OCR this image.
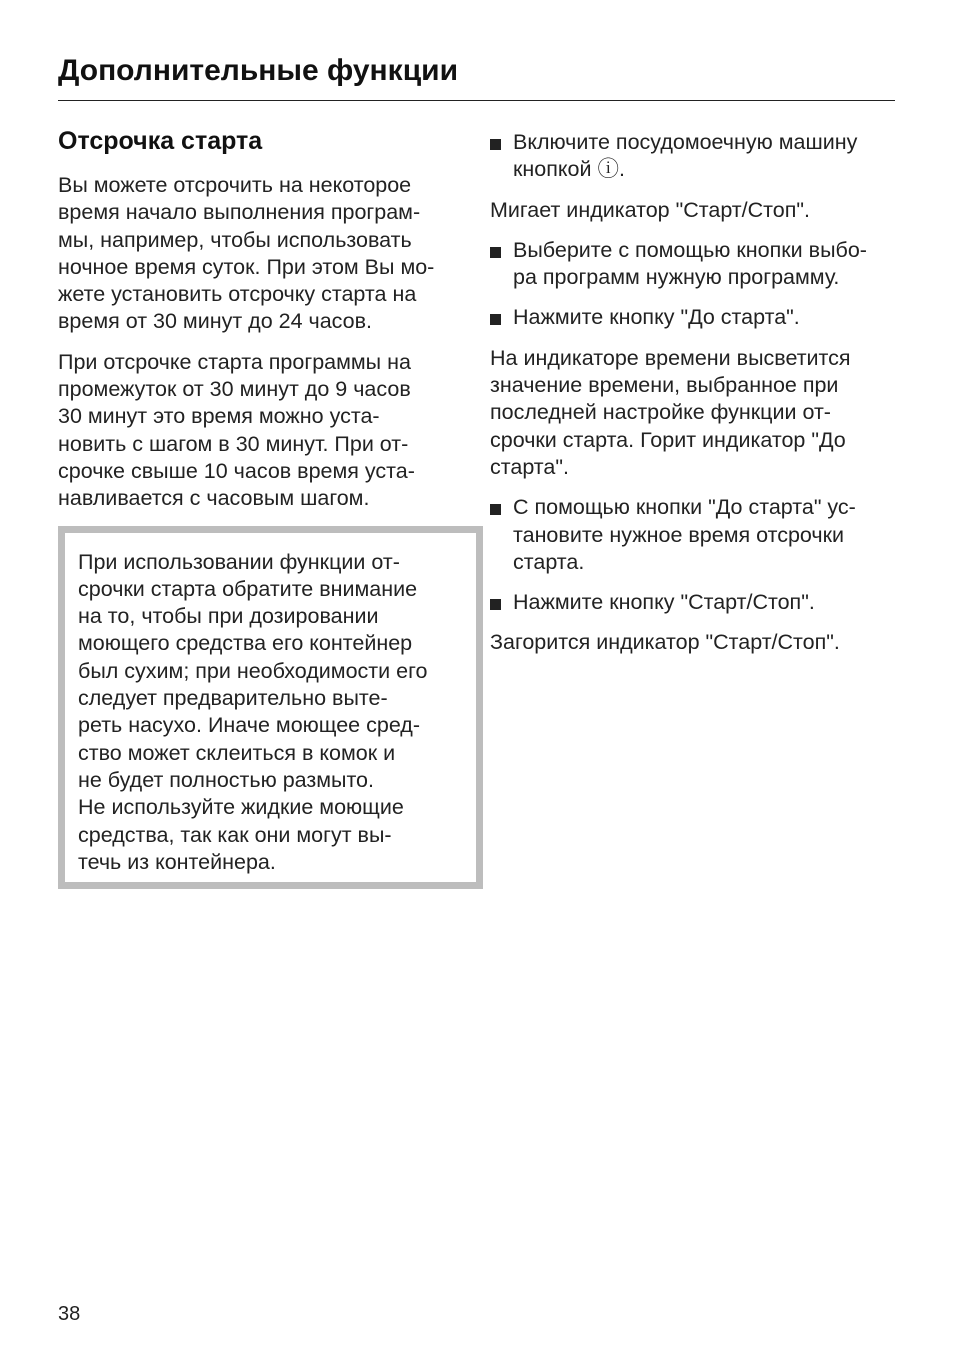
Дополнительные функции
Отсрочка старта

Вы можете отсрочить на некоторое
время начало выполнения програм-
мы, например, чтобы использовать
ночное время суток. При этом Вы мо-
жете установить отсрочку старта на
время от 30 минут до 24 часов.

При отсрочке старта программы на
промежуток от 30 минут до 9 часов
30 минут это время можно уста-
новить с шагом в 30 минут. При от-
срочке свыше 10 часов время уста-
навливается с часовым шагом.

При использовании функции от-
срочки старта обратите внимание
на то, чтобы при дозировании
моющего средства его контейнер
был сухим; при необходимости его
следует предварительно выте-
реть насухо. Иначе моющее сред-
ство может склеиться в комок и
не будет полностью размыто.
Не используйте жидкие моющие
средства, так как они могут вы-
течь из контейнера.

Включите посудомоечную машину
кнопкой ⓘ.

Мигает индикатор "Старт/Стоп".

Выберите с помощью кнопки выбо-
ра программ нужную программу.

Нажмите кнопку "До старта".

На индикаторе времени высветится
значение времени, выбранное при
последней настройке функции от-
срочки старта. Горит индикатор "До
старта".

С помощью кнопки "До старта" ус-
тановите нужное время отсрочки
старта.

Нажмите кнопку "Старт/Стоп".

Загорится индикатор "Старт/Стоп".

38
